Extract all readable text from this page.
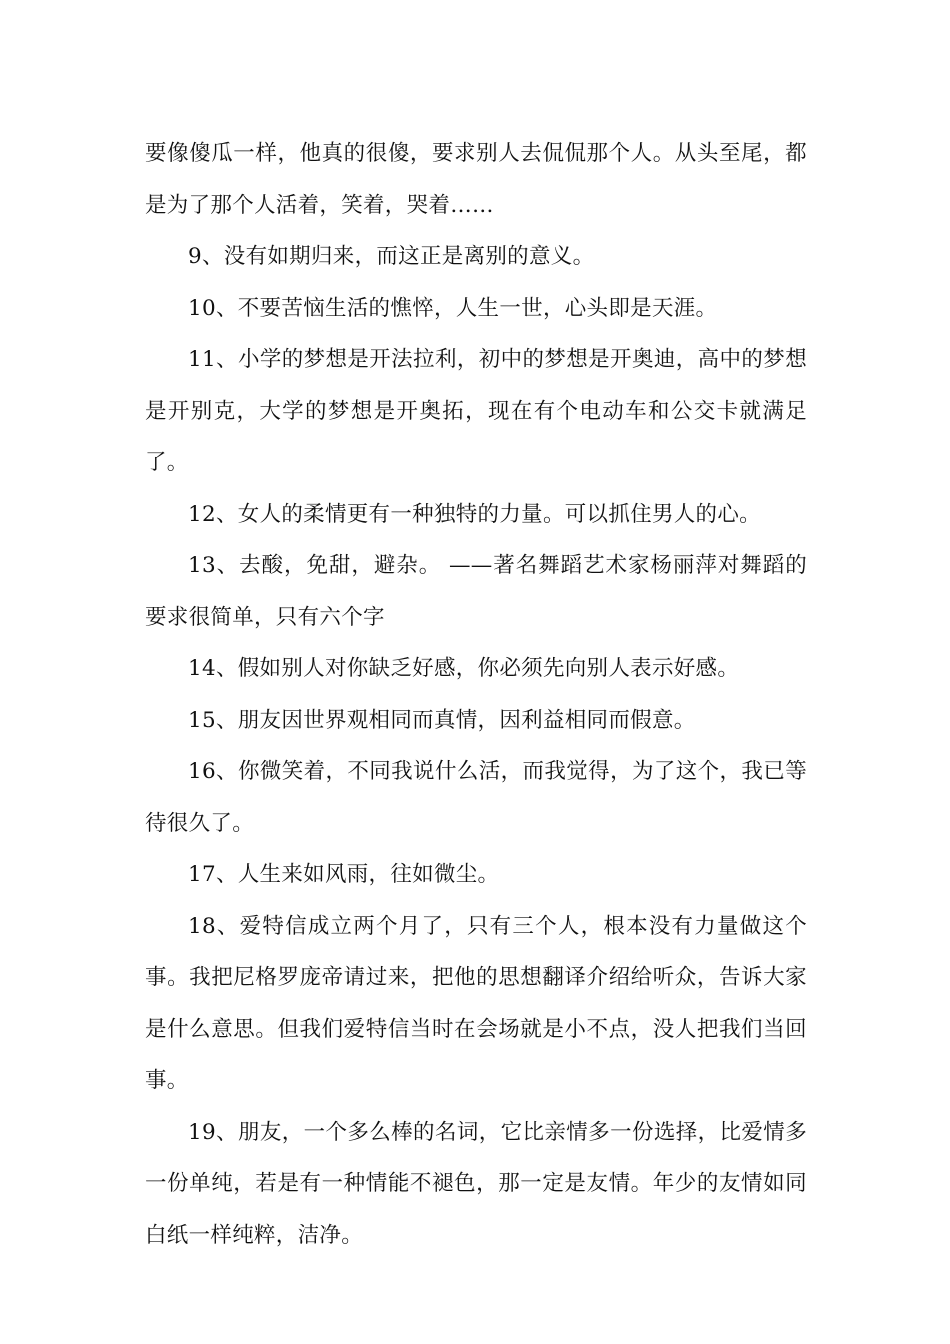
要像傻瓜一样，他真的很傻，要求别人去侃侃那个人。从头至尾，都是为了那个人活着，笑着，哭着……

9、没有如期归来，而这正是离别的意义。

10、不要苦恼生活的憔悴，人生一世，心头即是天涯。

11、小学的梦想是开法拉利，初中的梦想是开奥迪，高中的梦想是开别克，大学的梦想是开奥拓，现在有个电动车和公交卡就满足了。

12、女人的柔情更有一种独特的力量。可以抓住男人的心。

13、去酸，免甜，避杂。 ——著名舞蹈艺术家杨丽萍对舞蹈的要求很简单，只有六个字

14、假如别人对你缺乏好感，你必须先向别人表示好感。

15、朋友因世界观相同而真情，因利益相同而假意。

16、你微笑着，不同我说什么活，而我觉得，为了这个，我已等待很久了。

17、人生来如风雨，往如微尘。

18、爱特信成立两个月了，只有三个人，根本没有力量做这个事。我把尼格罗庞帝请过来，把他的思想翻译介绍给听众，告诉大家是什么意思。但我们爱特信当时在会场就是小不点，没人把我们当回事。

19、朋友，一个多么棒的名词，它比亲情多一份选择，比爱情多一份单纯，若是有一种情能不褪色，那一定是友情。年少的友情如同白纸一样纯粹，洁净。
